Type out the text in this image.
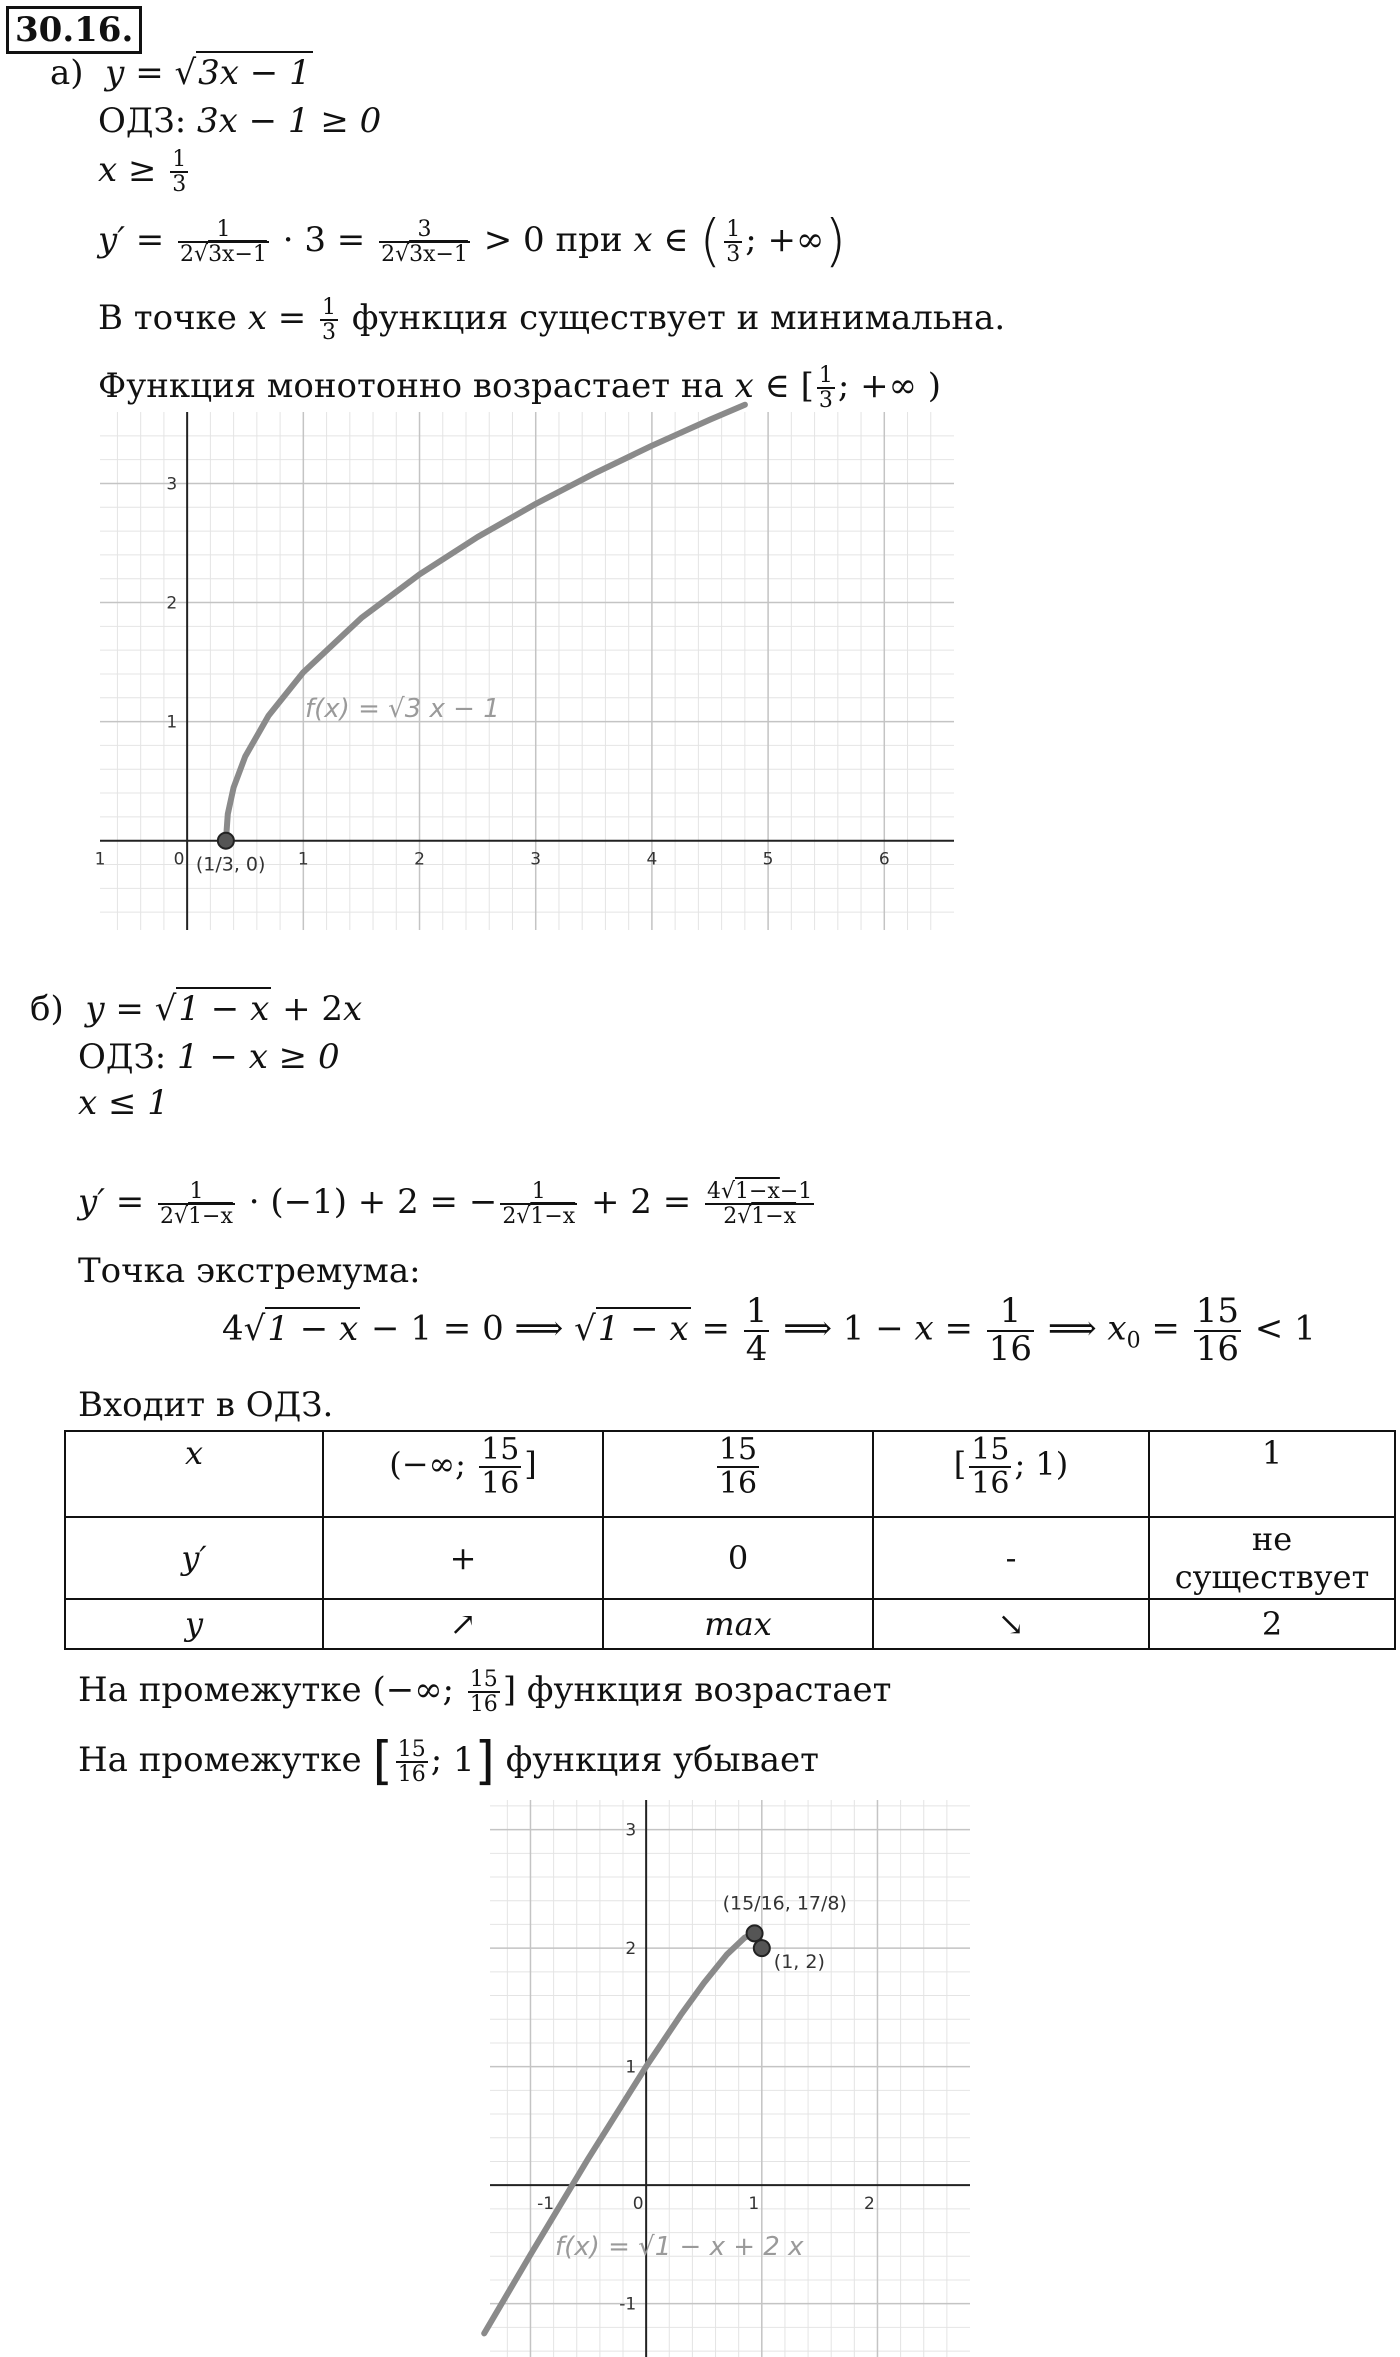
30.16.
а) y = √3x − 1
ОДЗ: 3x − 1 ≥ 0
$x \ge \frac{1}{3}$
$y' = \frac{1}{2√3x-1} \cdot 3 = \frac{3}{2√3x-1} > 0$ при x ∈ ( $\frac{1}{3}$ ; +∞)
В точке $x = \frac{1}{3}$ функция существует и минимальна.
Функция монотонно возрастает на x ∈ [ $\frac{1}{3}$ ; +∞ )
1	0	1	2	3	4	5	6
1
2
3
f(x) = √3 x − 1
(1/3, 0)
б) y = √1 − x + 2x
ОДЗ: 1 − x ≥ 0
x ≤ 1
$y' = \frac{1}{2√1-x} \cdot (-1) + 2$ = − $\frac{1}{2√1-x} + 2 = \frac{4√1-x-1}{2√1-x}$
Точка экстремума:
4√1 − x − 1 = 0 ⟹ $√1 - x = \frac{1}{4}$ ⟹ $1 - x = \frac{1}{16}$ ⟹ $x_0 = \frac{15}{16} < 1$
Входит в ОДЗ.
x	(−∞; $\frac{15}{16}$ ]	$\frac{15}{16}$	[ $\frac{15}{16}$ ; 1)	1
y′	+	0	-	не существует
y	↗	max	↘	2
На промежутке (−∞; $\frac{15}{16}$ ] функция возрастает
На промежутке [ $\frac{15}{16}$ ; 1] функция убывает
-1	0	1	2
3
2
1
-1
f(x) = √1 − x + 2 x
(15/16, 17/8)
(1, 2)
